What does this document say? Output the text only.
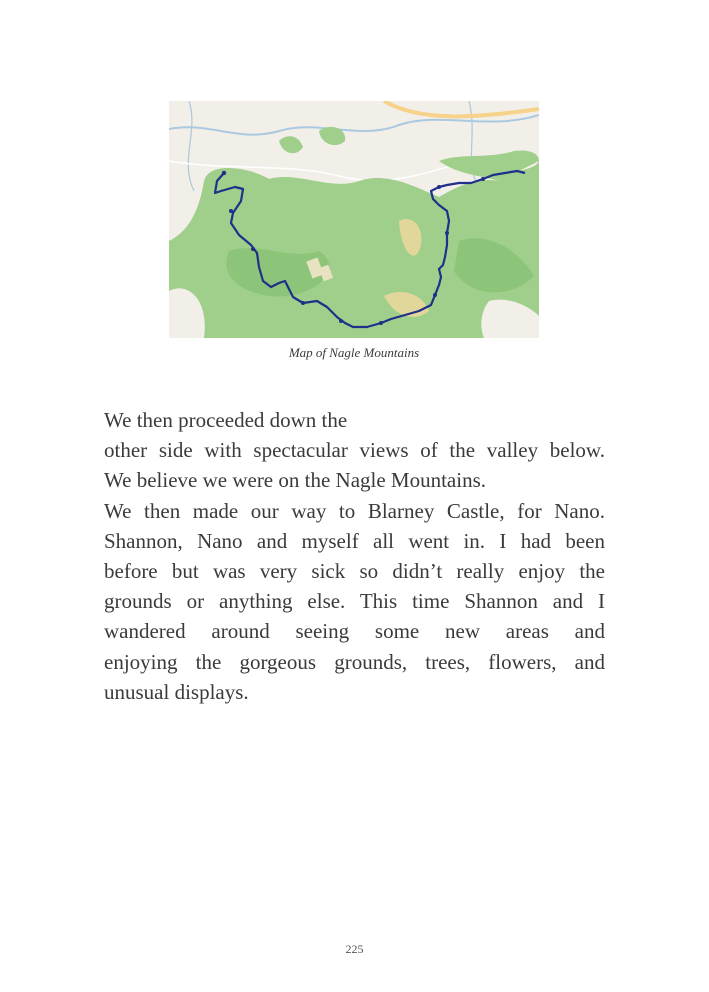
Map of Nagle Mountains
We then proceeded down the
other side with spectacular views of the valley below.
We believe we were on the Nagle Mountains.
We then made our way to Blarney Castle, for Nano.
Shannon, Nano and myself all went in. I had been
before but was very sick so didn’t really enjoy the
grounds or anything else. This time Shannon and I
wandered around seeing some new areas and
enjoying the gorgeous grounds, trees, flowers, and
unusual displays.
225
